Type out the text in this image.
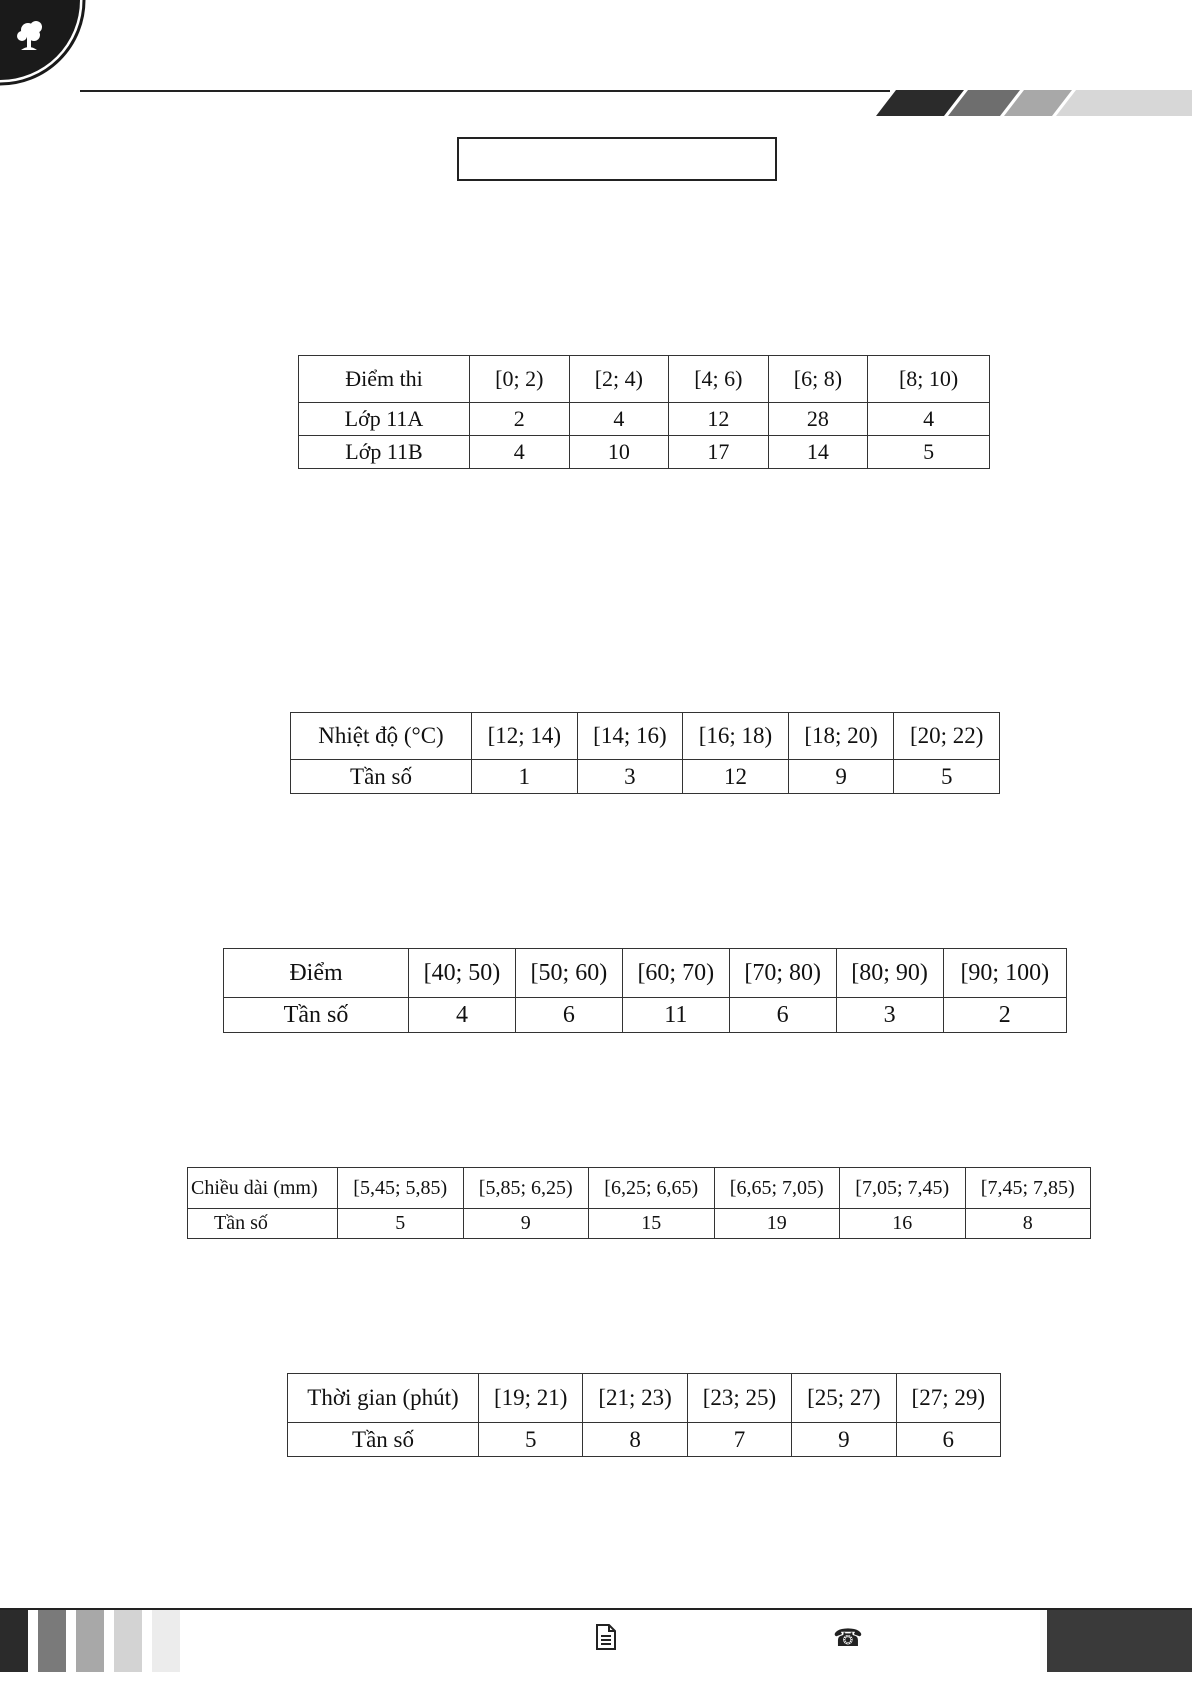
Điểm thi	[0; 2)	[2; 4)	[4; 6)	[6; 8)	[8; 10)
Lớp 11A	2	4	12	28	4
Lớp 11B	4	10	17	14	5
Nhiệt độ (°C)	[12; 14)	[14; 16)	[16; 18)	[18; 20)	[20; 22)
Tần số	1	3	12	9	5
Điểm	[40; 50)	[50; 60)	[60; 70)	[70; 80)	[80; 90)	[90; 100)
Tần số	4	6	11	6	3	2
Chiều dài (mm)	[5,45; 5,85)	[5,85; 6,25)	[6,25; 6,65)	[6,65; 7,05)	[7,05; 7,45)	[7,45; 7,85)
Tần số	5	9	15	19	16	8
Thời gian (phút)	[19; 21)	[21; 23)	[23; 25)	[25; 27)	[27; 29)
Tần số	5	8	7	9	6
☎
